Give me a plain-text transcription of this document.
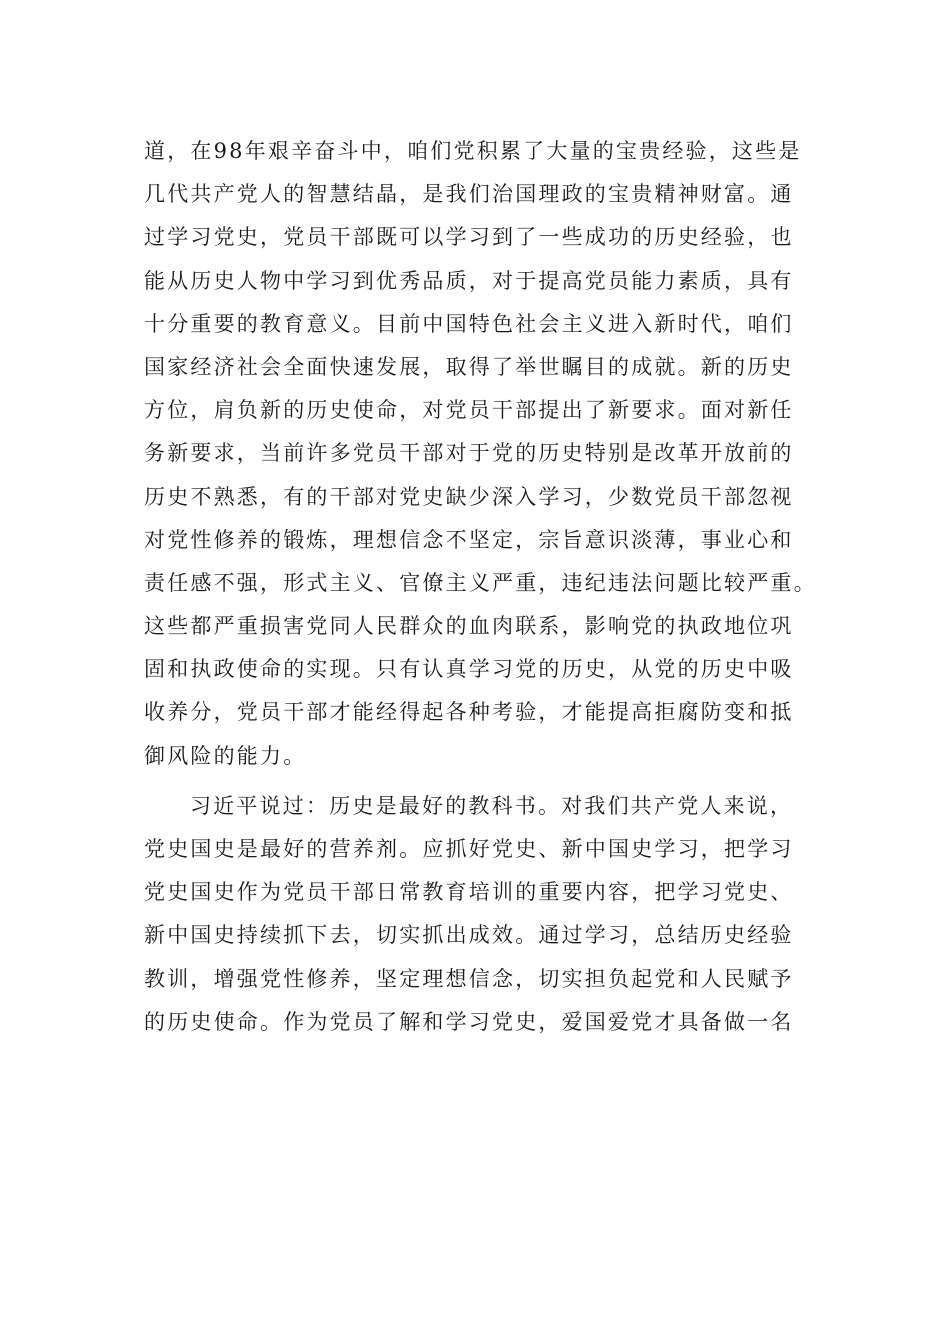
道，在98年艰辛奋斗中，咱们党积累了大量的宝贵经验，这些是
几代共产党人的智慧结晶，是我们治国理政的宝贵精神财富。通
过学习党史，党员干部既可以学习到了一些成功的历史经验，也
能从历史人物中学习到优秀品质，对于提高党员能力素质，具有
十分重要的教育意义。目前中国特色社会主义进入新时代，咱们
国家经济社会全面快速发展，取得了举世瞩目的成就。新的历史
方位，肩负新的历史使命，对党员干部提出了新要求。面对新任
务新要求，当前许多党员干部对于党的历史特别是改革开放前的
历史不熟悉，有的干部对党史缺少深入学习，少数党员干部忽视
对党性修养的锻炼，理想信念不坚定，宗旨意识淡薄，事业心和
责任感不强，形式主义、官僚主义严重，违纪违法问题比较严重。
这些都严重损害党同人民群众的血肉联系，影响党的执政地位巩
固和执政使命的实现。只有认真学习党的历史，从党的历史中吸
收养分，党员干部才能经得起各种考验，才能提高拒腐防变和抵
御风险的能力。
习近平说过：历史是最好的教科书。对我们共产党人来说，
党史国史是最好的营养剂。应抓好党史、新中国史学习，把学习
党史国史作为党员干部日常教育培训的重要内容，把学习党史、
新中国史持续抓下去，切实抓出成效。通过学习，总结历史经验
教训，增强党性修养，坚定理想信念，切实担负起党和人民赋予
的历史使命。作为党员了解和学习党史，爱国爱党才具备做一名
